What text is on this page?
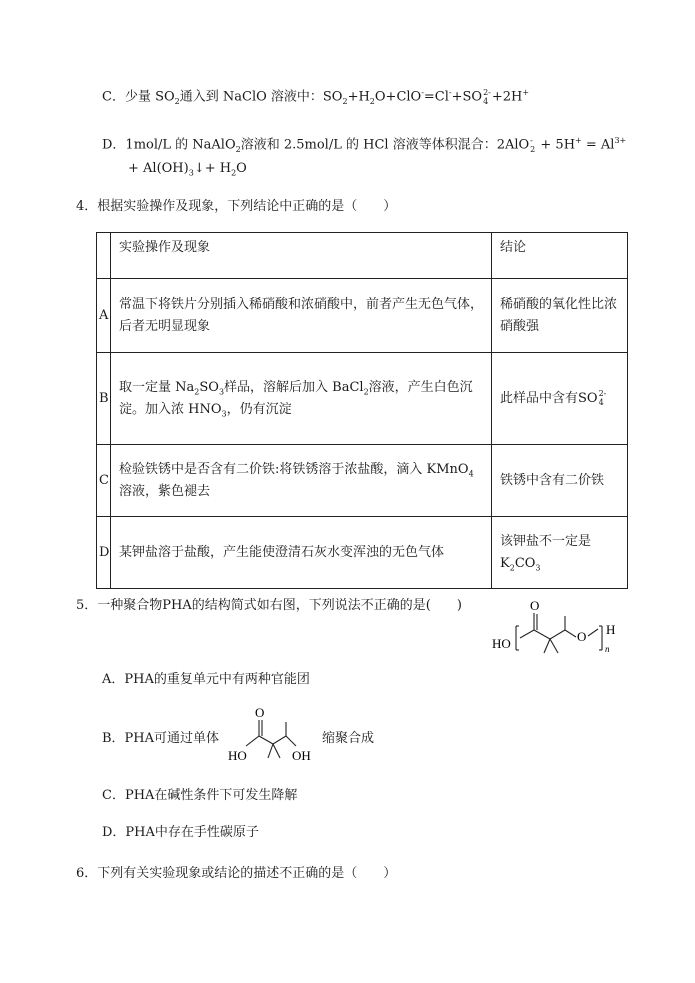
C．少量 $SO_2$通入到 NaClO 溶液中：$SO_2+H_2O+ClO^-=Cl^-+SO$ 2-
4 +2H+
D．1mol/L 的 NaAlO$_2$溶液和 2.5mol/L 的 HCl 溶液等体积混合：2AlO -
$2 + 5H^+ = Al^{3+}$
+ $Al(OH)_3↓+ H_2O$
4．根据实验操作及现象，下列结论中正确的是（　　）
	实验操作及现象	结论
A	常温下将铁片分别插入稀硝酸和浓硝酸中，前者产生无色气体，后者无明显现象	稀硝酸的氧化性比浓硝酸强
B	取一定量 $Na_2SO_3$样品，溶解后加入 BaCl$_2$溶液，产生白色沉淀。加入浓 $HNO_3$，仍有沉淀	此样品中含有SO 2-
4

C	检验铁锈中是否含有二价铁:将铁锈溶于浓盐酸，滴入 KMnO$_4$溶液，紫色褪去	铁锈中含有二价铁
D	某钾盐溶于盐酸，产生能使澄清石灰水变浑浊的无色气体	该钾盐不一定是 $K_2CO_3$
5．一种聚合物PHA的结构简式如右图，下列说法不正确的是(　　)	O
HO	O H
n
A．PHA的重复单元中有两种官能团
B．PHA可通过单体
O
HO	OH
缩聚合成
C．PHA在碱性条件下可发生降解
D．PHA中存在手性碳原子
6．下列有关实验现象或结论的描述不正确的是（　　）
